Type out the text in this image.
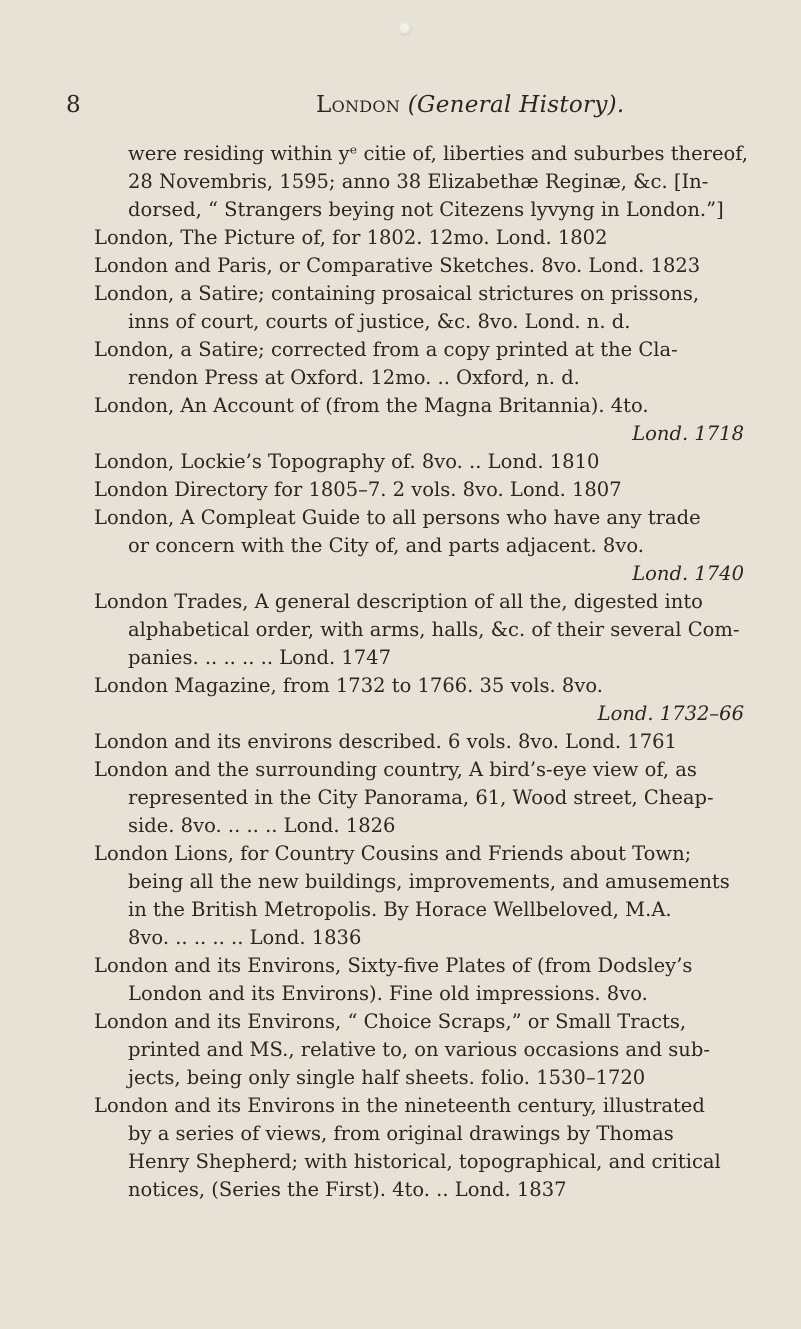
8	London (General History).
were residing within yᵉ citie of, liberties and suburbes thereof,
28 Novembris, 1595; anno 38 Elizabethæ Reginæ, &c. [In-
dorsed, “ Strangers beying not Citezens lyvyng in London.”]
London, The Picture of, for 1802. 12mo. Lond. 1802
London and Paris, or Comparative Sketches. 8vo. Lond. 1823
London, a Satire; containing prosaical strictures on prissons,
inns of court, courts of justice, &c. 8vo. Lond. n. d.
London, a Satire; corrected from a copy printed at the Cla-
rendon Press at Oxford. 12mo. .. Oxford, n. d.
London, An Account of (from the Magna Britannia). 4to.
Lond. 1718
London, Lockie’s Topography of. 8vo. .. Lond. 1810
London Directory for 1805–7. 2 vols. 8vo. Lond. 1807
London, A Compleat Guide to all persons who have any trade
or concern with the City of, and parts adjacent. 8vo.
Lond. 1740
London Trades, A general description of all the, digested into
alphabetical order, with arms, halls, &c. of their several Com-
panies. .. .. .. .. Lond. 1747
London Magazine, from 1732 to 1766. 35 vols. 8vo.
Lond. 1732–66
London and its environs described. 6 vols. 8vo. Lond. 1761
London and the surrounding country, A bird’s-eye view of, as
represented in the City Panorama, 61, Wood street, Cheap-
side. 8vo. .. .. .. Lond. 1826
London Lions, for Country Cousins and Friends about Town;
being all the new buildings, improvements, and amusements
in the British Metropolis. By Horace Wellbeloved, M.A.
8vo. .. .. .. .. Lond. 1836
London and its Environs, Sixty-five Plates of (from Dodsley’s
London and its Environs). Fine old impressions. 8vo.
London and its Environs, “ Choice Scraps,” or Small Tracts,
printed and MS., relative to, on various occasions and sub-
jects, being only single half sheets. folio. 1530–1720
London and its Environs in the nineteenth century, illustrated
by a series of views, from original drawings by Thomas
Henry Shepherd; with historical, topographical, and critical
notices, (Series the First). 4to. .. Lond. 1837
